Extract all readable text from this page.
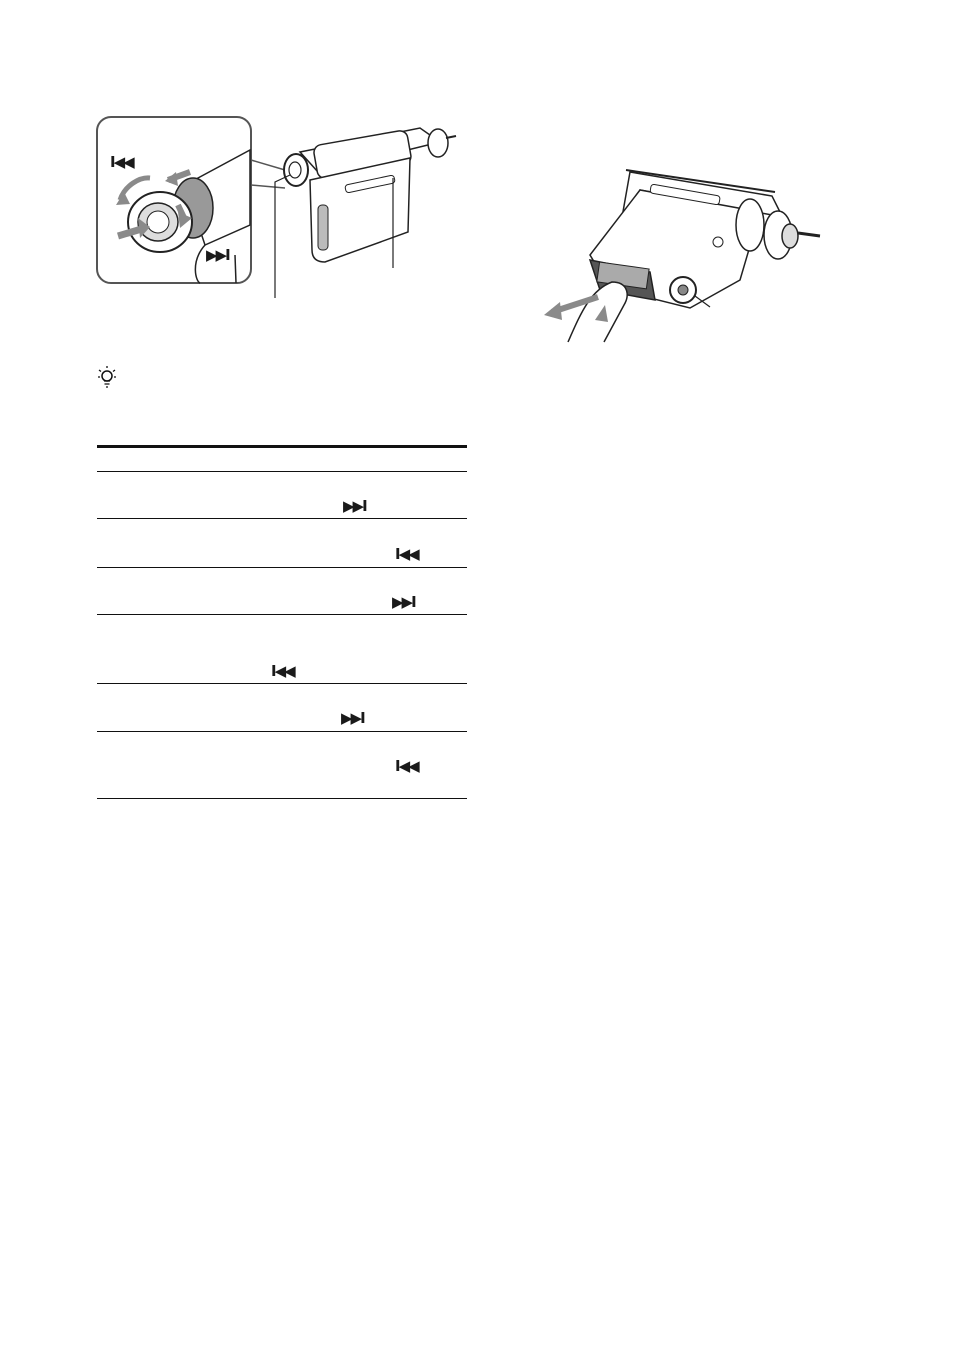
I◀◀
▶▶I
▶▶I
I◀◀
▶▶I
I◀◀
▶▶I
I◀◀
